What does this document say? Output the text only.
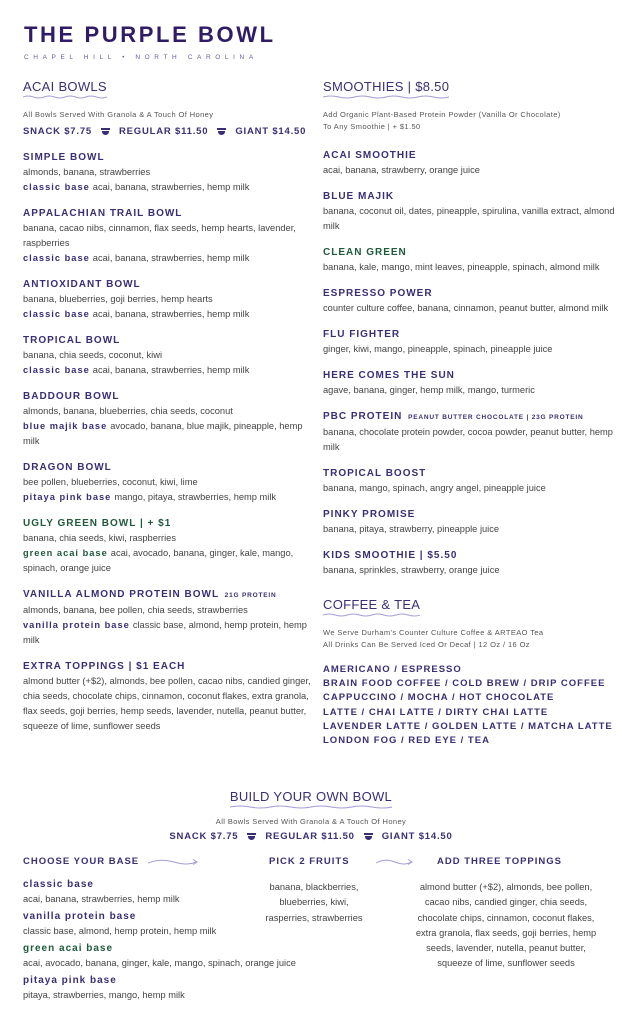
THE PURPLE BOWL
CHAPEL HILL • NORTH CAROLINA
ACAI BOWLS
All Bowls Served With Granola & A Touch Of Honey
SNACK $7.75	REGULAR $11.50	GIANT $14.50
SIMPLE BOWL
almonds, banana, strawberries
classic base acai, banana, strawberries, hemp milk
APPALACHIAN TRAIL BOWL
banana, cacao nibs, cinnamon, flax seeds, hemp hearts, lavender, raspberries
classic base acai, banana, strawberries, hemp milk
ANTIOXIDANT BOWL
banana, blueberries, goji berries, hemp hearts
classic base acai, banana, strawberries, hemp milk
TROPICAL BOWL
banana, chia seeds, coconut, kiwi
classic base acai, banana, strawberries, hemp milk
BADDOUR BOWL
almonds, banana, blueberries, chia seeds, coconut
blue majik base avocado, banana, blue majik, pineapple, hemp milk
DRAGON BOWL
bee pollen, blueberries, coconut, kiwi, lime
pitaya pink base mango, pitaya, strawberries, hemp milk
UGLY GREEN BOWL | + $1
banana, chia seeds, kiwi, raspberries
green acai base acai, avocado, banana, ginger, kale, mango, spinach, orange juice
VANILLA ALMOND PROTEIN BOWL 21G PROTEIN
almonds, banana, bee pollen, chia seeds, strawberries
vanilla protein base classic base, almond, hemp protein, hemp milk
EXTRA TOPPINGS | $1 EACH
almond butter (+$2), almonds, bee pollen, cacao nibs, candied ginger, chia seeds, chocolate chips, cinnamon, coconut flakes, extra granola, flax seeds, goji berries, hemp seeds, lavender, nutella, peanut butter, squeeze of lime, sunflower seeds
SMOOTHIES | $8.50
Add Organic Plant-Based Protein Powder (Vanilla Or Chocolate)
To Any Smoothie | + $1.50
ACAI SMOOTHIE
acai, banana, strawberry, orange juice
BLUE MAJIK
banana, coconut oil, dates, pineapple, spirulina, vanilla extract, almond milk
CLEAN GREEN
banana, kale, mango, mint leaves, pineapple, spinach, almond milk
ESPRESSO POWER
counter culture coffee, banana, cinnamon, peanut butter, almond milk
FLU FIGHTER
ginger, kiwi, mango, pineapple, spinach, pineapple juice
HERE COMES THE SUN
agave, banana, ginger, hemp milk, mango, turmeric
PBC PROTEIN PEANUT BUTTER CHOCOLATE | 23G PROTEIN
banana, chocolate protein powder, cocoa powder, peanut butter, hemp milk
TROPICAL BOOST
banana, mango, spinach, angry angel, pineapple juice
PINKY PROMISE
banana, pitaya, strawberry, pineapple juice
KIDS SMOOTHIE | $5.50
banana, sprinkles, strawberry, orange juice
COFFEE & TEA
We Serve Durham's Counter Culture Coffee & ARTEAO Tea
All Drinks Can Be Served Iced Or Decaf | 12 Oz / 16 Oz
AMERICANO / ESPRESSO
BRAIN FOOD COFFEE / COLD BREW / DRIP COFFEE
CAPPUCCINO / MOCHA / HOT CHOCOLATE
LATTE / CHAI LATTE / DIRTY CHAI LATTE
LAVENDER LATTE / GOLDEN LATTE / MATCHA LATTE
LONDON FOG / RED EYE / TEA
BUILD YOUR OWN BOWL
All Bowls Served With Granola & A Touch Of Honey
SNACK $7.75	REGULAR $11.50	GIANT $14.50
CHOOSE YOUR BASE	PICK 2 FRUITS	ADD THREE TOPPINGS
classic base
acai, banana, strawberries, hemp milk
vanilla protein base
classic base, almond, hemp protein, hemp milk
green acai base
acai, avocado, banana, ginger, kale, mango, spinach, orange juice
pitaya pink base
pitaya, strawberries, mango, hemp milk
banana, blackberries,
blueberries, kiwi,
rasperries, strawberries
almond butter (+$2), almonds, bee pollen,
cacao nibs, candied ginger, chia seeds,
chocolate chips, cinnamon, coconut flakes,
extra granola, flax seeds, goji berries, hemp
seeds, lavender, nutella, peanut butter,
squeeze of lime, sunflower seeds
